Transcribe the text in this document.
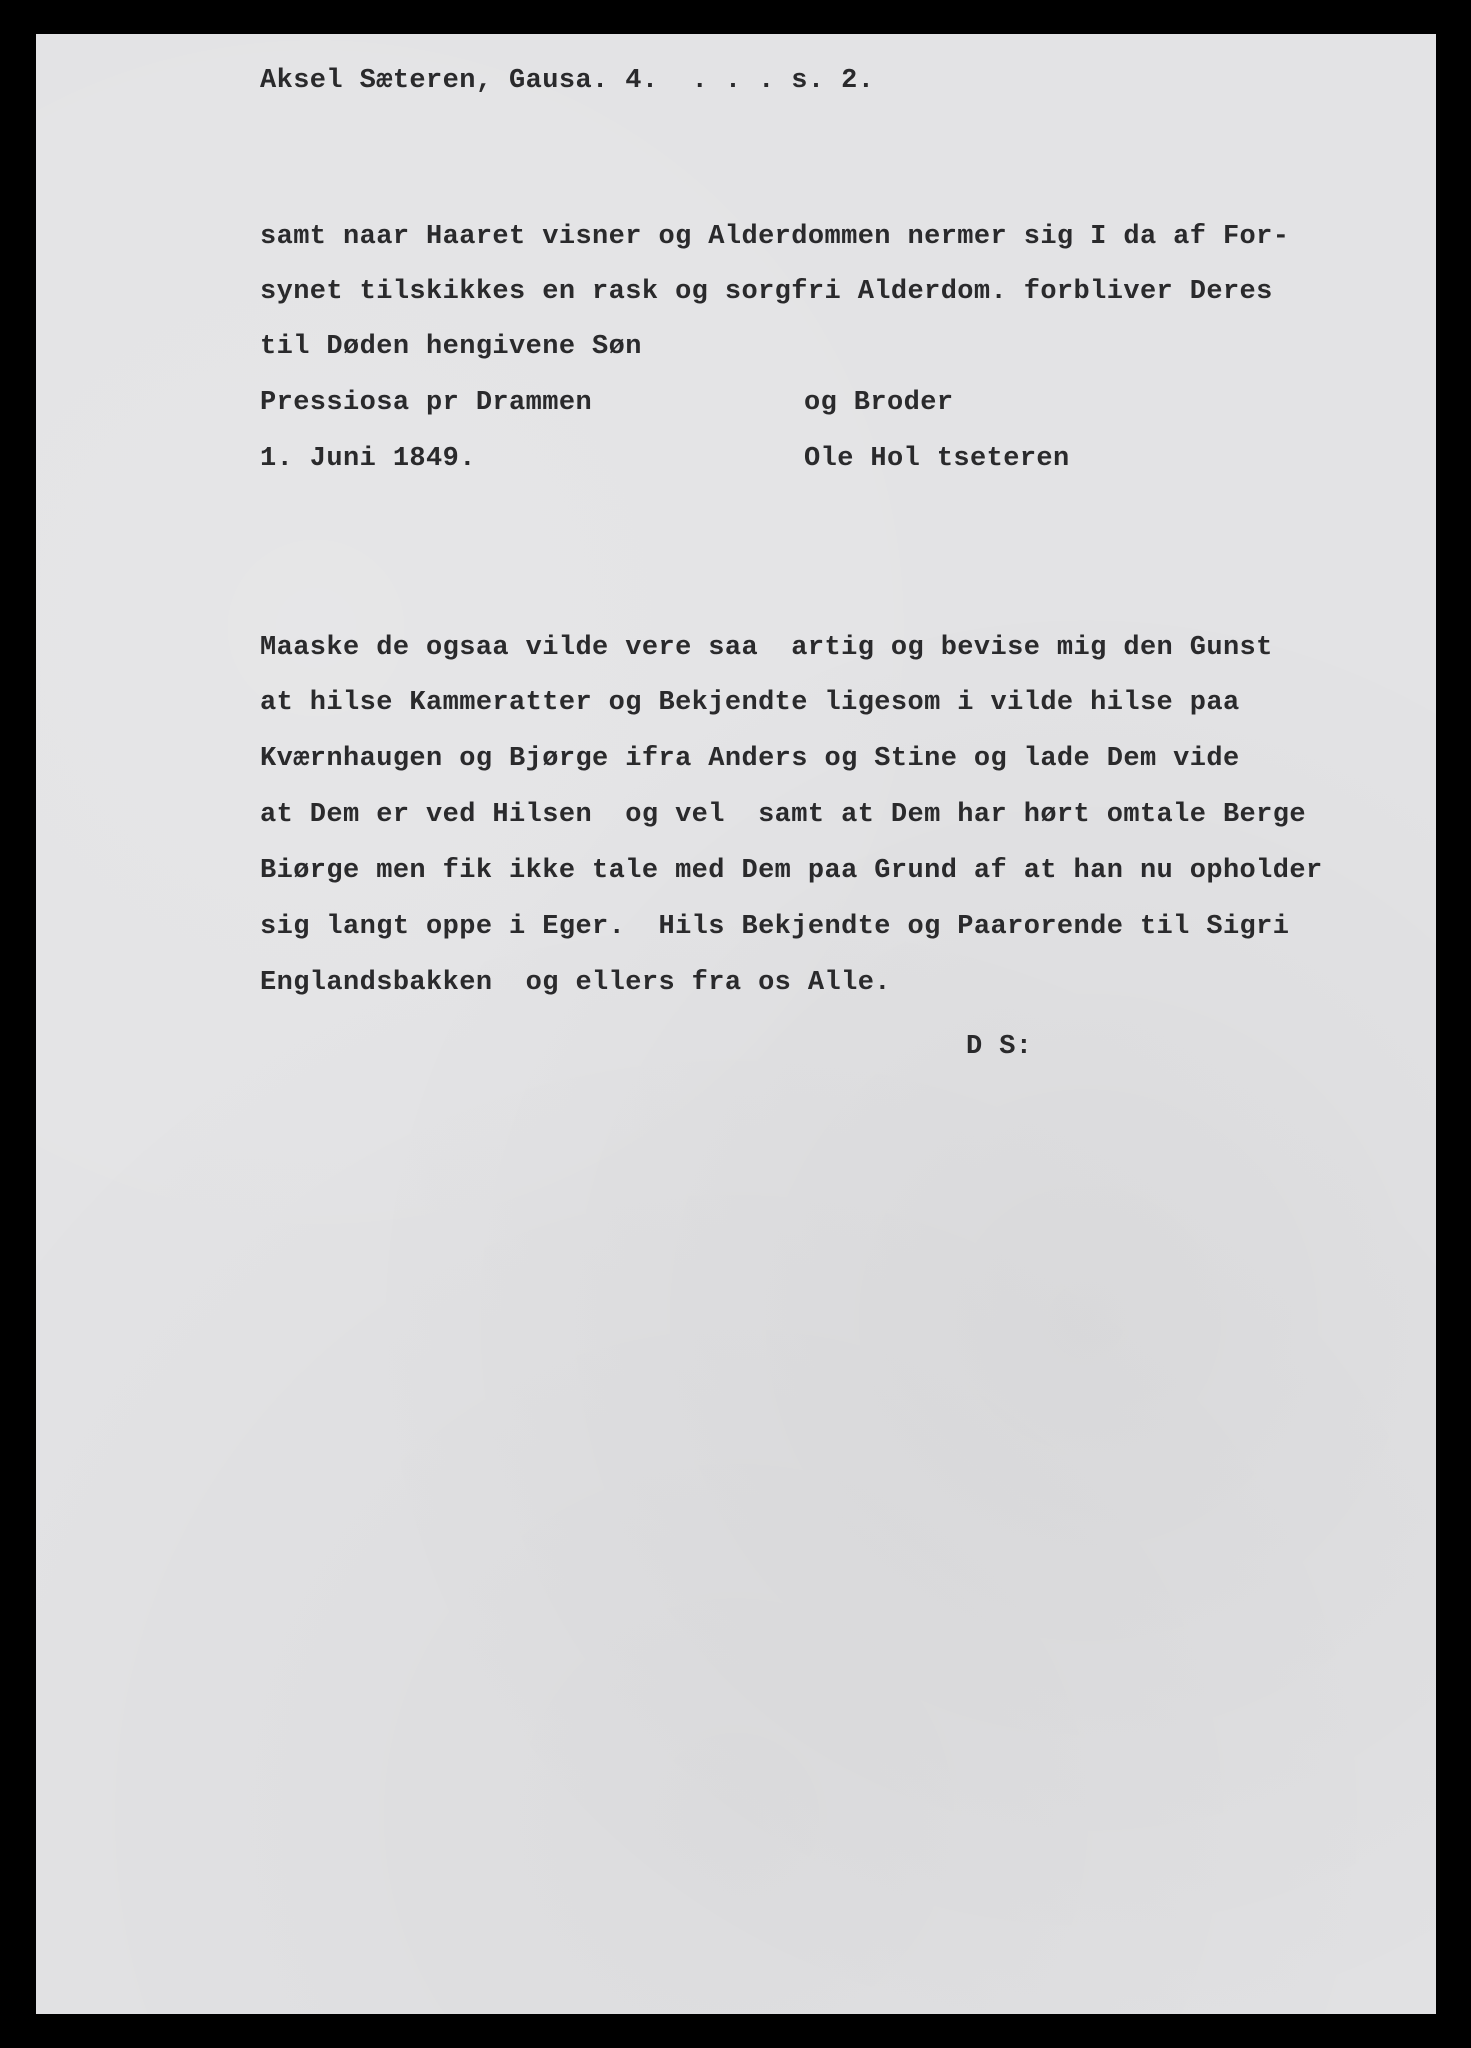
Aksel Sæteren, Gausa. 4.  . . . s. 2.

samt naar Haaret visner og Alderdommen nermer sig I da af For-

synet tilskikkes en rask og sorgfri Alderdom. forbliver Deres

til Døden hengivene Søn

Pressiosa pr Drammen	og Broder

1. Juni 1849.	Ole Hol tseteren

Maaske de ogsaa vilde vere saa  artig og bevise mig den Gunst

at hilse Kammeratter og Bekjendte ligesom i vilde hilse paa

Kværnhaugen og Bjørge ifra Anders og Stine og lade Dem vide

at Dem er ved Hilsen  og vel  samt at Dem har hørt omtale Berge

Biørge men fik ikke tale med Dem paa Grund af at han nu opholder

sig langt oppe i Eger.  Hils Bekjendte og Paarorende til Sigri

Englandsbakken  og ellers fra os Alle.

D S:
